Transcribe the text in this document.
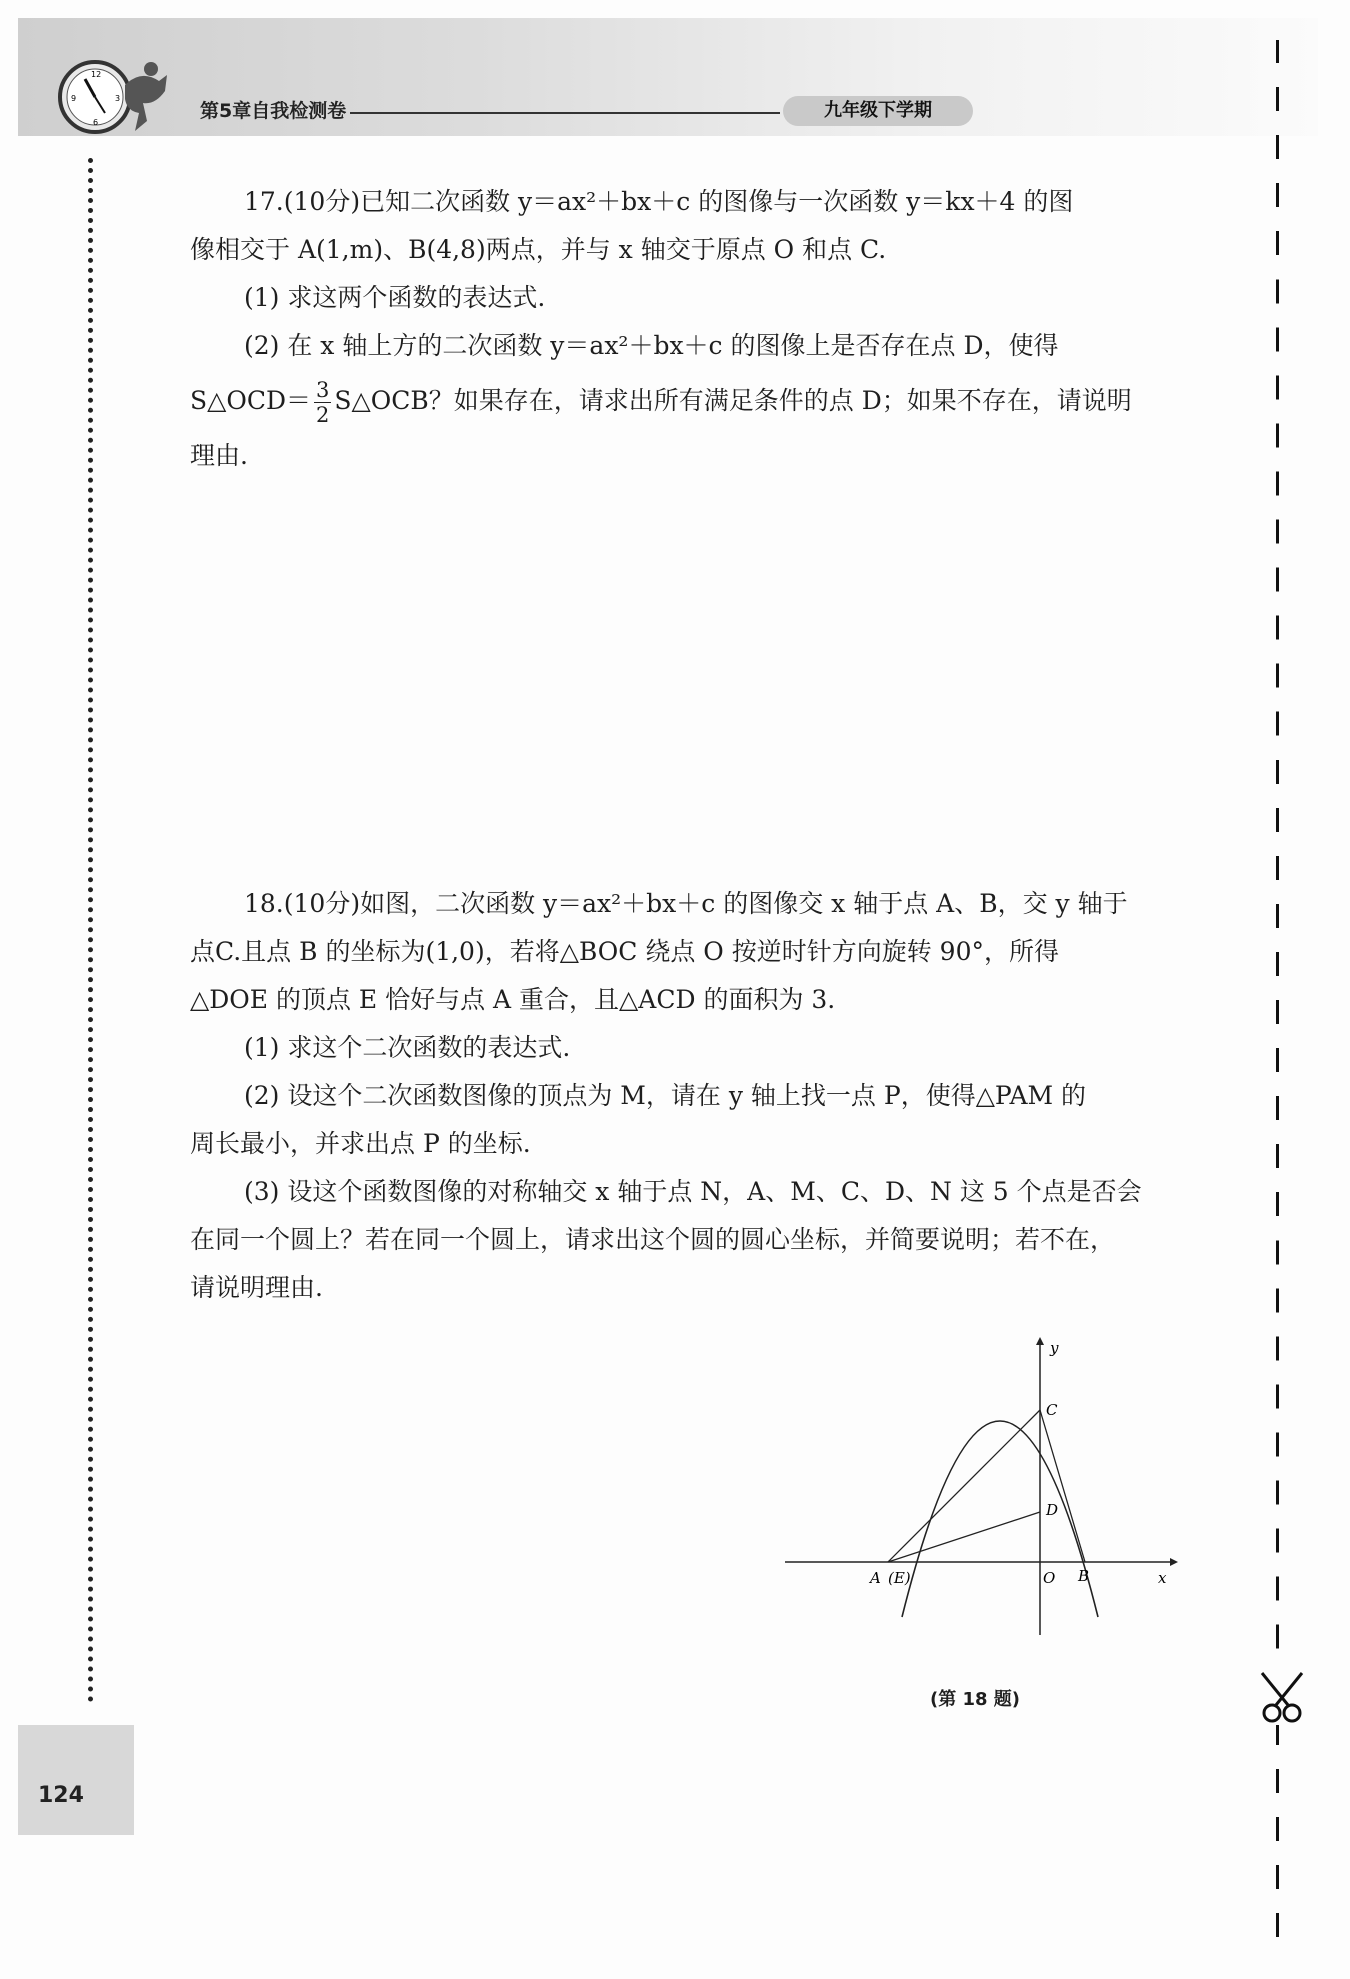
12
3
6
9
第5章自我检测卷	九年级下学期
124

17.(10分)已知二次函数 y＝ax²＋bx＋c 的图像与一次函数 y＝kx＋4 的图

像相交于 A(1,m)、B(4,8)两点，并与 x 轴交于原点 O 和点 C.

(1) 求这两个函数的表达式.

(2) 在 x 轴上方的二次函数 y＝ax²＋bx＋c 的图像上是否存在点 D，使得

S△OCD＝ $\frac{3}{2}$ S△OCB？如果存在，请求出所有满足条件的点 D；如果不存在，请说明

理由.

18.(10分)如图，二次函数 y＝ax²＋bx＋c 的图像交 x 轴于点 A、B，交 y 轴于

点C.且点 B 的坐标为(1,0)，若将△BOC 绕点 O 按逆时针方向旋转 90°，所得

△DOE 的顶点 E 恰好与点 A 重合，且△ACD 的面积为 3.

(1) 求这个二次函数的表达式.

(2) 设这个二次函数图像的顶点为 M，请在 y 轴上找一点 P，使得△PAM 的

周长最小，并求出点 P 的坐标.

(3) 设这个函数图像的对称轴交 x 轴于点 N，A、M、C、D、N 这 5 个点是否会

在同一个圆上？若在同一个圆上，请求出这个圆的圆心坐标，并简要说明；若不在，

请说明理由.

y
C
D
A (E)	O B	x
(第 18 题)
